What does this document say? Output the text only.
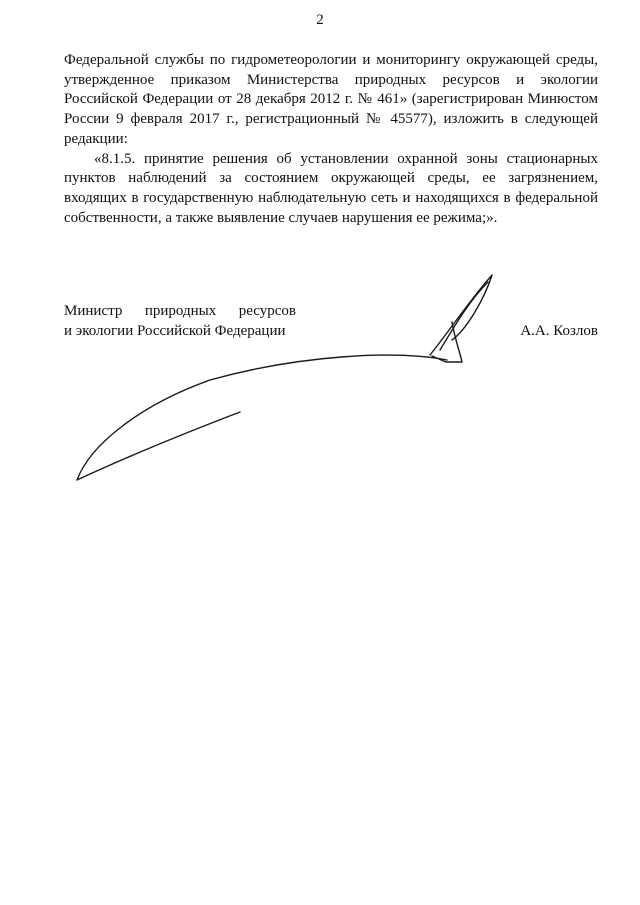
2

Федеральной службы по гидрометеорологии и мониторингу окружающей среды, утвержденное приказом Министерства природных ресурсов и экологии Российской Федерации от 28 декабря 2012 г. № 461» (зарегистрирован Минюстом России 9 февраля 2017 г., регистрационный № 45577), изложить в следующей редакции:

«8.1.5. принятие решения об установлении охранной зоны стационарных пунктов наблюдений за состоянием окружающей среды, ее загрязнением, входящих в государственную наблюдательную сеть и находящихся в федеральной собственности, а также выявление случаев нарушения ее режима;».

Министр природных ресурсов
и экологии Российской Федерации	А.А. Козлов
